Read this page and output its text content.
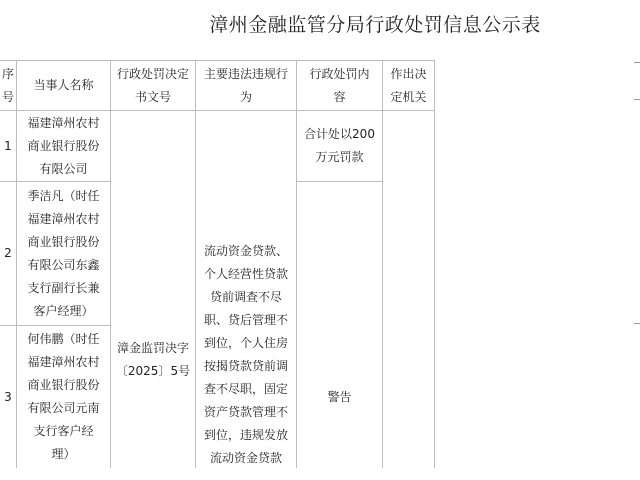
漳州金融监管分局行政处罚信息公示表
序
号
当事人名称
行政处罚决定
书文号
主要违法违规行
为
行政处罚内
容
作出决
定机关
1
福建漳州农村
商业银行股份
有限公司
2
季洁凡（时任
福建漳州农村
商业银行股份
有限公司东鑫
支行副行长兼
客户经理）
3
何伟鹏（时任
福建漳州农村
商业银行股份
有限公司元南
支行客户经
理）
漳金监罚决字
〔2025〕5号
流动资金贷款、
个人经营性贷款
贷前调查不尽
职、贷后管理不
到位，个人住房
按揭贷款贷前调
查不尽职，固定
资产贷款管理不
到位，违规发放
流动资金贷款
合计处以200
万元罚款
警告
